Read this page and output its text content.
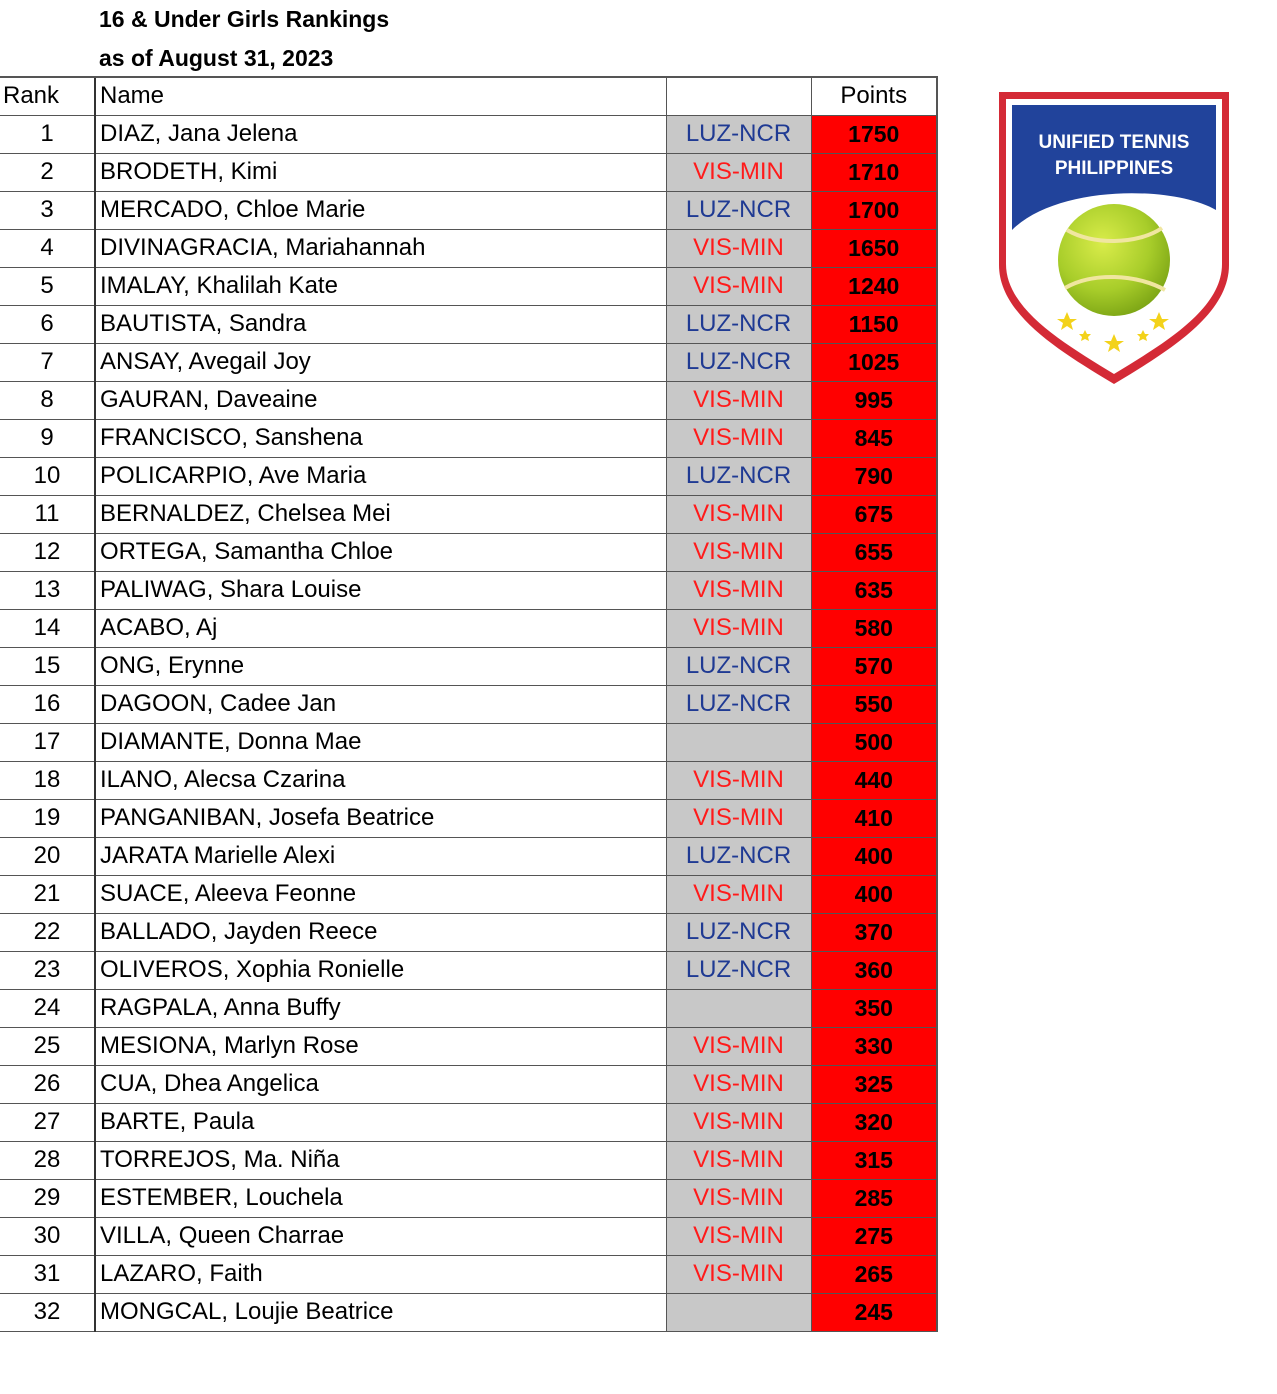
16 & Under Girls Rankings
as of August 31, 2023
Rank	Name		Points
1	DIAZ, Jana Jelena	LUZ-NCR	1750
2	BRODETH, Kimi	VIS-MIN	1710
3	MERCADO, Chloe Marie	LUZ-NCR	1700
4	DIVINAGRACIA, Mariahannah	VIS-MIN	1650
5	IMALAY, Khalilah Kate	VIS-MIN	1240
6	BAUTISTA, Sandra	LUZ-NCR	1150
7	ANSAY, Avegail Joy	LUZ-NCR	1025
8	GAURAN, Daveaine	VIS-MIN	995
9	FRANCISCO, Sanshena	VIS-MIN	845
10	POLICARPIO, Ave Maria	LUZ-NCR	790
11	BERNALDEZ, Chelsea Mei	VIS-MIN	675
12	ORTEGA, Samantha Chloe	VIS-MIN	655
13	PALIWAG, Shara Louise	VIS-MIN	635
14	ACABO, Aj	VIS-MIN	580
15	ONG, Erynne	LUZ-NCR	570
16	DAGOON, Cadee Jan	LUZ-NCR	550
17	DIAMANTE, Donna Mae		500
18	ILANO, Alecsa Czarina	VIS-MIN	440
19	PANGANIBAN, Josefa Beatrice	VIS-MIN	410
20	JARATA Marielle Alexi	LUZ-NCR	400
21	SUACE, Aleeva Feonne	VIS-MIN	400
22	BALLADO, Jayden Reece	LUZ-NCR	370
23	OLIVEROS, Xophia Ronielle	LUZ-NCR	360
24	RAGPALA, Anna Buffy		350
25	MESIONA, Marlyn Rose	VIS-MIN	330
26	CUA, Dhea Angelica	VIS-MIN	325
27	BARTE, Paula	VIS-MIN	320
28	TORREJOS, Ma. Niña	VIS-MIN	315
29	ESTEMBER, Louchela	VIS-MIN	285
30	VILLA, Queen Charrae	VIS-MIN	275
31	LAZARO, Faith	VIS-MIN	265
32	MONGCAL, Loujie Beatrice		245
UNIFIED TENNIS
PHILIPPINES
